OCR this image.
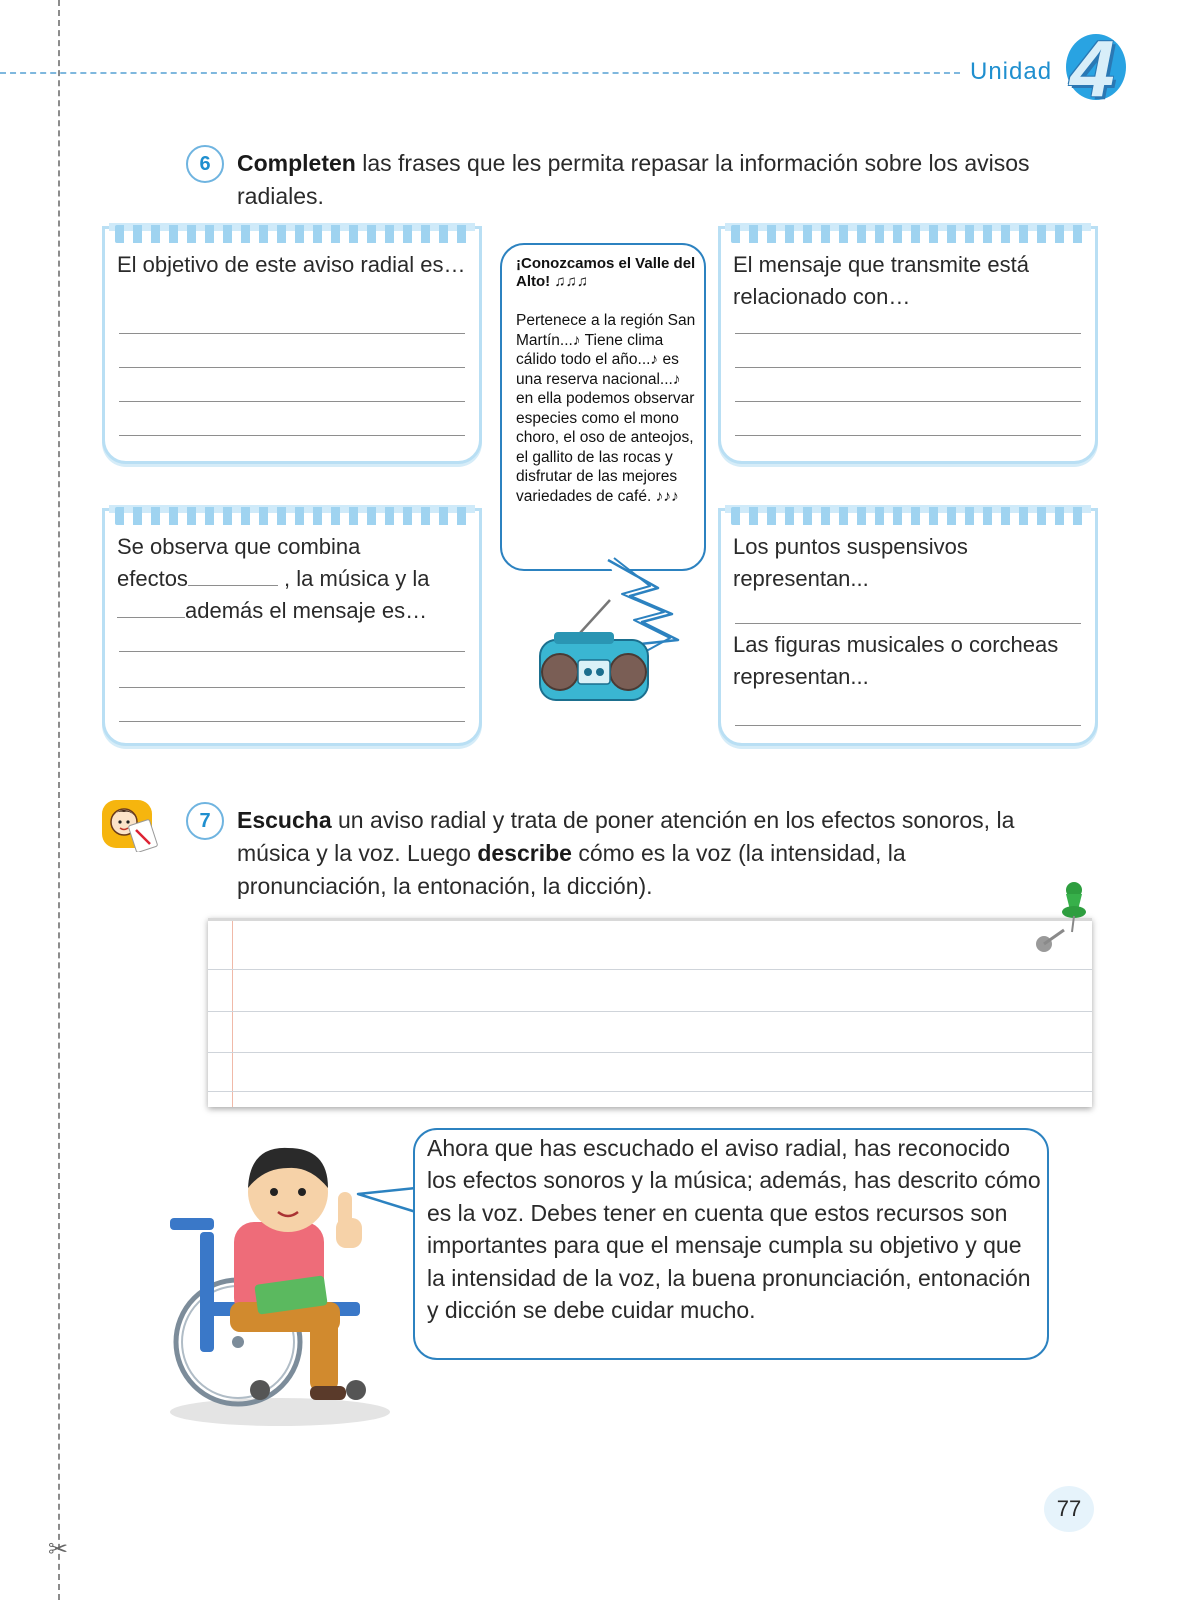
✂
Unidad 4
6	Completen las frases que les permita repasar la información sobre los avisos radiales.
El objetivo de este aviso radial es…	El mensaje que transmite está relacionado con…
Se observa que combina
efectos	, la música y la
además el mensaje es…
Los puntos suspensivos representan...
Las figuras musicales o corcheas representan...
¡Conozcamos el Valle del Alto! ♫♫♫
Pertenece a la región San Martín...♪ Tiene clima cálido todo el año...♪ es una reserva nacional...♪ en ella podemos observar especies como el mono choro, el oso de anteojos, el gallito de las rocas y disfrutar de las mejores variedades de café. ♪♪♪
7	Escucha un aviso radial y trata de poner atención en los efectos sonoros, la música y la voz. Luego describe cómo es la voz (la intensidad, la pronunciación, la entonación, la dicción).
Ahora que has escuchado el aviso radial, has reconocido los efectos sonoros y la música; además, has descrito cómo es la voz. Debes tener en cuenta que estos recursos son importantes para que el mensaje cumpla su objetivo y que la intensidad de la voz, la buena pronunciación, entonación y dicción se debe cuidar mucho.
77
